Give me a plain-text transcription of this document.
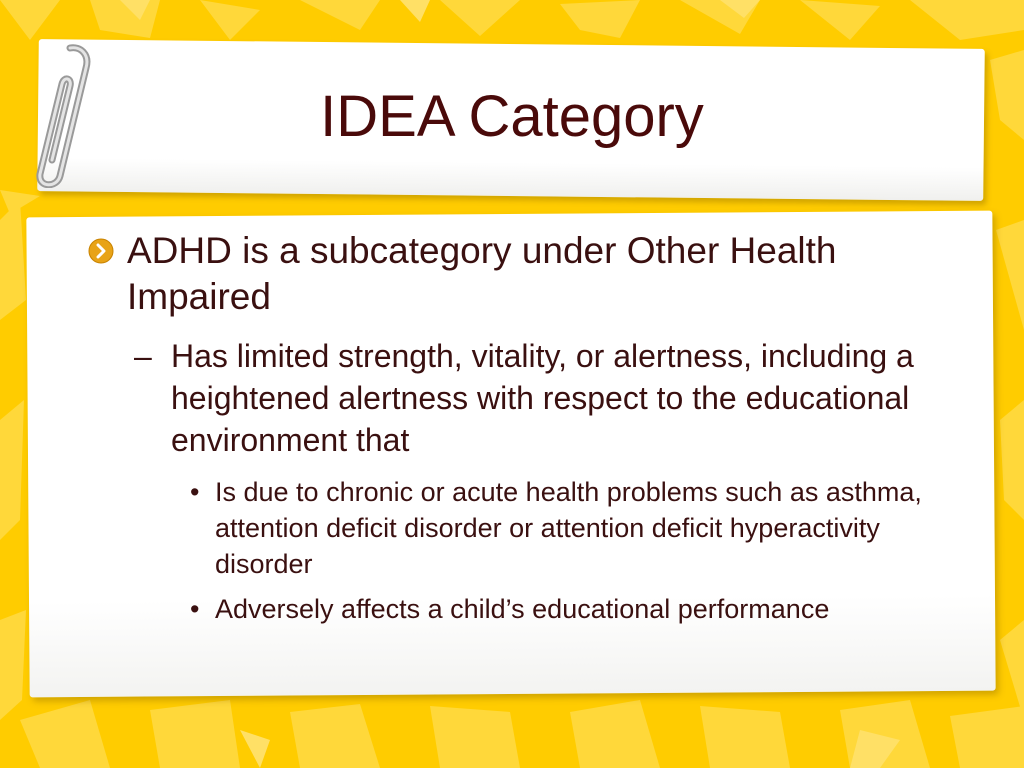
IDEA Category
ADHD is a subcategory under Other Health Impaired
– Has limited strength, vitality, or alertness, including a heightened alertness with respect to the educational environment that
• Is due to chronic or acute health problems such as asthma, attention deficit disorder or attention deficit hyperactivity disorder
• Adversely affects a child’s educational performance
